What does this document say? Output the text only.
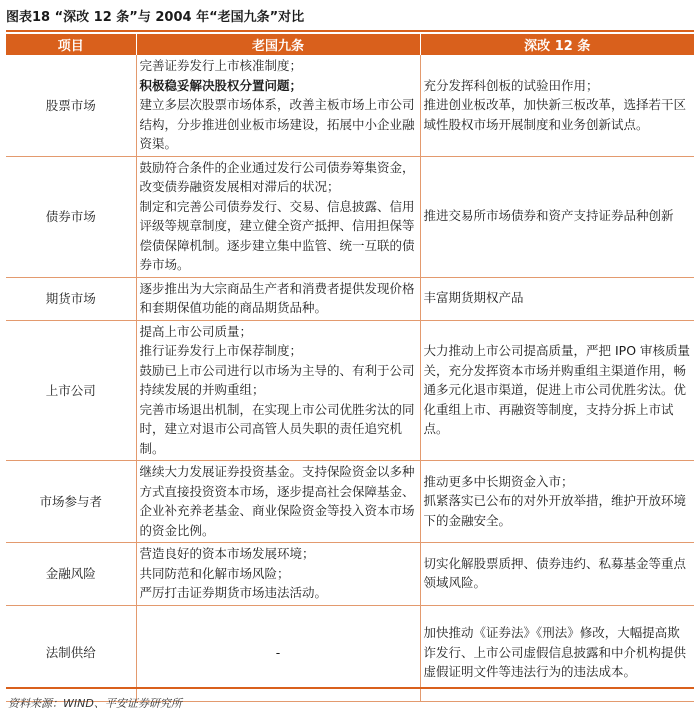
图表18 “深改 12 条”与 2004 年“老国九条”对比
项目	老国九条	深改 12 条
股票市场	完善证券发行上市核准制度；
积极稳妥解决股权分置问题；
建立多层次股票市场体系，改善主板市场上市公司结构，分步推进创业板市场建设，拓展中小企业融资渠。	充分发挥科创板的试验田作用；
推进创业板改革，加快新三板改革，选择若干区域性股权市场开展制度和业务创新试点。

债券市场	鼓励符合条件的企业通过发行公司债券筹集资金，改变债券融资发展相对滞后的状况；
制定和完善公司债券发行、交易、信息披露、信用评级等规章制度，建立健全资产抵押、信用担保等偿债保障机制。逐步建立集中监管、统一互联的债券市场。	推进交易所市场债券和资产支持证券品种创新

期货市场	逐步推出为大宗商品生产者和消费者提供发现价格和套期保值功能的商品期货品种。	丰富期货期权产品

上市公司	提高上市公司质量；
推行证券发行上市保荐制度；
鼓励已上市公司进行以市场为主导的、有利于公司持续发展的并购重组；
完善市场退出机制，在实现上市公司优胜劣汰的同时，建立对退市公司高管人员失职的责任追究机制。	大力推动上市公司提高质量，严把 IPO 审核质量关，充分发挥资本市场并购重组主渠道作用，畅通多元化退市渠道，促进上市公司优胜劣汰。优化重组上市、再融资等制度，支持分拆上市试点。

市场参与者	继续大力发展证券投资基金。支持保险资金以多种方式直接投资资本市场，逐步提高社会保障基金、企业补充养老基金、商业保险资金等投入资本市场的资金比例。	推动更多中长期资金入市；
抓紧落实已公布的对外开放举措，维护开放环境下的金融安全。

金融风险	营造良好的资本市场发展环境；
共同防范和化解市场风险；
严厉打击证券期货市场违法活动。	切实化解股票质押、债券违约、私募基金等重点领域风险。

法制供给	-	加快推动《证券法》《刑法》修改，大幅提高欺诈发行、上市公司虚假信息披露和中介机构提供虚假证明文件等违法行为的违法成本。
资料来源：WIND、平安证券研究所
